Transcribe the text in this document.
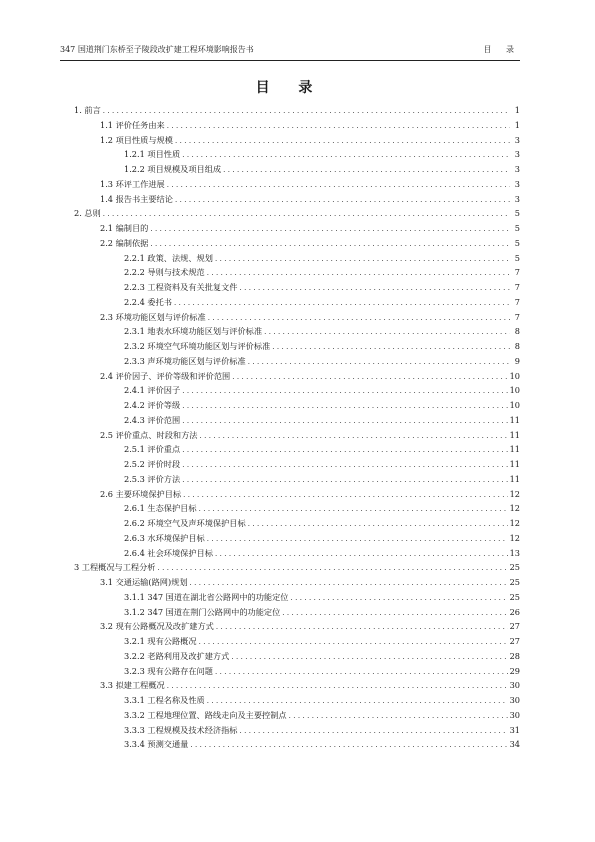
347 国道荆门东桥至子陵段改扩建工程环境影响报告书	目 录
目 录
1. 前言 .....	1
1.1 评价任务由来 .....	1
1.2 项目性质与规模 .....	3
1.2.1 项目性质 .....	3
1.2.2 项目规模及项目组成 .....	3
1.3 环评工作进展 .....	3
1.4 报告书主要结论 .....	3
2. 总则 .....	5
2.1 编制目的 .....	5
2.2 编制依据 .....	5
2.2.1 政策、法规、规划 .....	5
2.2.2 导则与技术规范 .....	7
2.2.3 工程资料及有关批复文件 .....	7
2.2.4 委托书 .....	7
2.3 环境功能区划与评价标准 .....	7
2.3.1 地表水环境功能区划与评价标准 .....	8
2.3.2 环境空气环境功能区划与评价标准 .....	8
2.3.3 声环境功能区划与评价标准 .....	9
2.4 评价因子、评价等级和评价范围 .....	10
2.4.1 评价因子 .....	10
2.4.2 评价等级 .....	10
2.4.3 评价范围 .....	11
2.5 评价重点、时段和方法 .....	11
2.5.1 评价重点 .....	11
2.5.2 评价时段 .....	11
2.5.3 评价方法 .....	11
2.6 主要环境保护目标 .....	12
2.6.1 生态保护目标 .....	12
2.6.2 环境空气及声环境保护目标 .....	12
2.6.3 水环境保护目标 .....	12
2.6.4 社会环境保护目标 .....	13
3 工程概况与工程分析 .....	25
3.1 交通运输(路网)规划 .....	25
3.1.1 347 国道在湖北省公路网中的功能定位 .....	25
3.1.2 347 国道在荆门公路网中的功能定位 .....	26
3.2 现有公路概况及改扩建方式 .....	27
3.2.1 现有公路概况 .....	27
3.2.2 老路利用及改扩建方式 .....	28
3.2.3 现有公路存在问题 .....	29
3.3 拟建工程概况 .....	30
3.3.1 工程名称及性质 .....	30
3.3.2 工程地理位置、路线走向及主要控制点 .....	30
3.3.3 工程规模及技术经济指标 .....	31
3.3.4 预测交通量 .....	34
